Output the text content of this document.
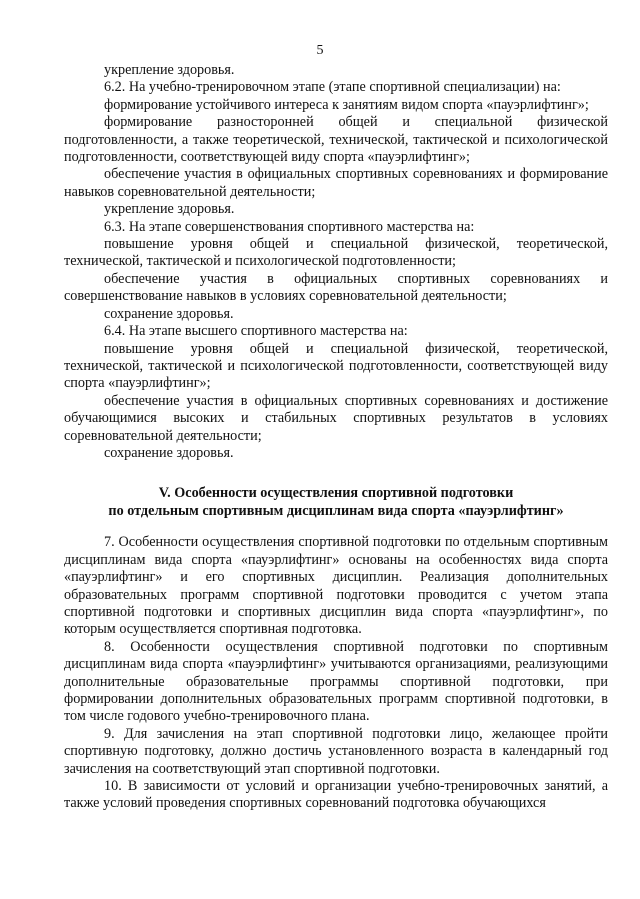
5

укрепление здоровья.

6.2. На учебно-тренировочном этапе (этапе спортивной специализации) на:

формирование устойчивого интереса к занятиям видом спорта «пауэрлифтинг»;

формирование разносторонней общей и специальной физической подготовленности, а также теоретической, технической, тактической и психологической подготовленности, соответствующей виду спорта «пауэрлифтинг»;

обеспечение участия в официальных спортивных соревнованиях и формирование навыков соревновательной деятельности;

укрепление здоровья.

6.3. На этапе совершенствования спортивного мастерства на:

повышение уровня общей и специальной физической, теоретической, технической, тактической и психологической подготовленности;

обеспечение участия в официальных спортивных соревнованиях и совершенствование навыков в условиях соревновательной деятельности;

сохранение здоровья.

6.4. На этапе высшего спортивного мастерства на:

повышение уровня общей и специальной физической, теоретической, технической, тактической и психологической подготовленности, соответствующей виду спорта «пауэрлифтинг»;

обеспечение участия в официальных спортивных соревнованиях и достижение обучающимися высоких и стабильных спортивных результатов в условиях соревновательной деятельности;

сохранение здоровья.

V. Особенности осуществления спортивной подготовки
по отдельным спортивным дисциплинам вида спорта «пауэрлифтинг»

7. Особенности осуществления спортивной подготовки по отдельным спортивным дисциплинам вида спорта «пауэрлифтинг» основаны на особенностях вида спорта «пауэрлифтинг» и его спортивных дисциплин. Реализация дополнительных образовательных программ спортивной подготовки проводится с учетом этапа спортивной подготовки и спортивных дисциплин вида спорта «пауэрлифтинг», по которым осуществляется спортивная подготовка.

8. Особенности осуществления спортивной подготовки по спортивным дисциплинам вида спорта «пауэрлифтинг» учитываются организациями, реализующими дополнительные образовательные программы спортивной подготовки, при формировании дополнительных образовательных программ спортивной подготовки, в том числе годового учебно-тренировочного плана.

9. Для зачисления на этап спортивной подготовки лицо, желающее пройти спортивную подготовку, должно достичь установленного возраста в календарный год зачисления на соответствующий этап спортивной подготовки.

10. В зависимости от условий и организации учебно-тренировочных занятий, а также условий проведения спортивных соревнований подготовка обучающихся
